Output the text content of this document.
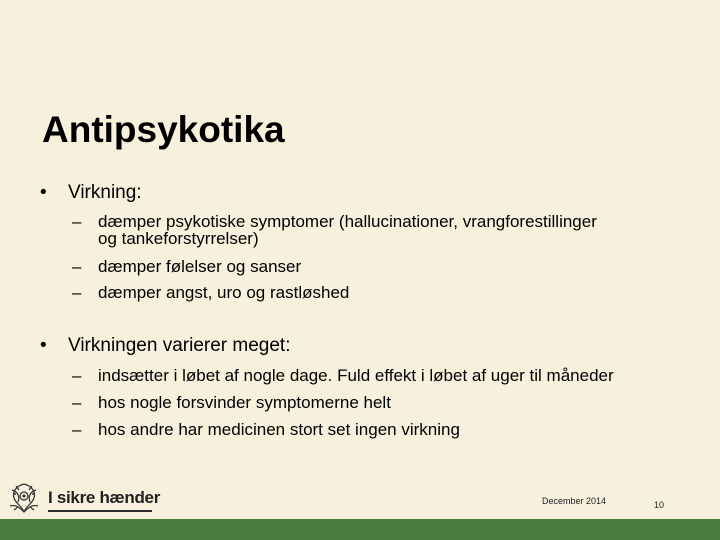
Antipsykotika
• Virkning:
– dæmper psykotiske symptomer (hallucinationer, vrangforestillinger
og tankeforstyrrelser)
– dæmper følelser og sanser
– dæmper angst, uro og rastløshed
• Virkningen varierer meget:
– indsætter i løbet af nogle dage. Fuld effekt i løbet af uger til måneder
– hos nogle forsvinder symptomerne helt
– hos andre har medicinen stort set ingen virkning
I sikre hænder	December 2014	10
